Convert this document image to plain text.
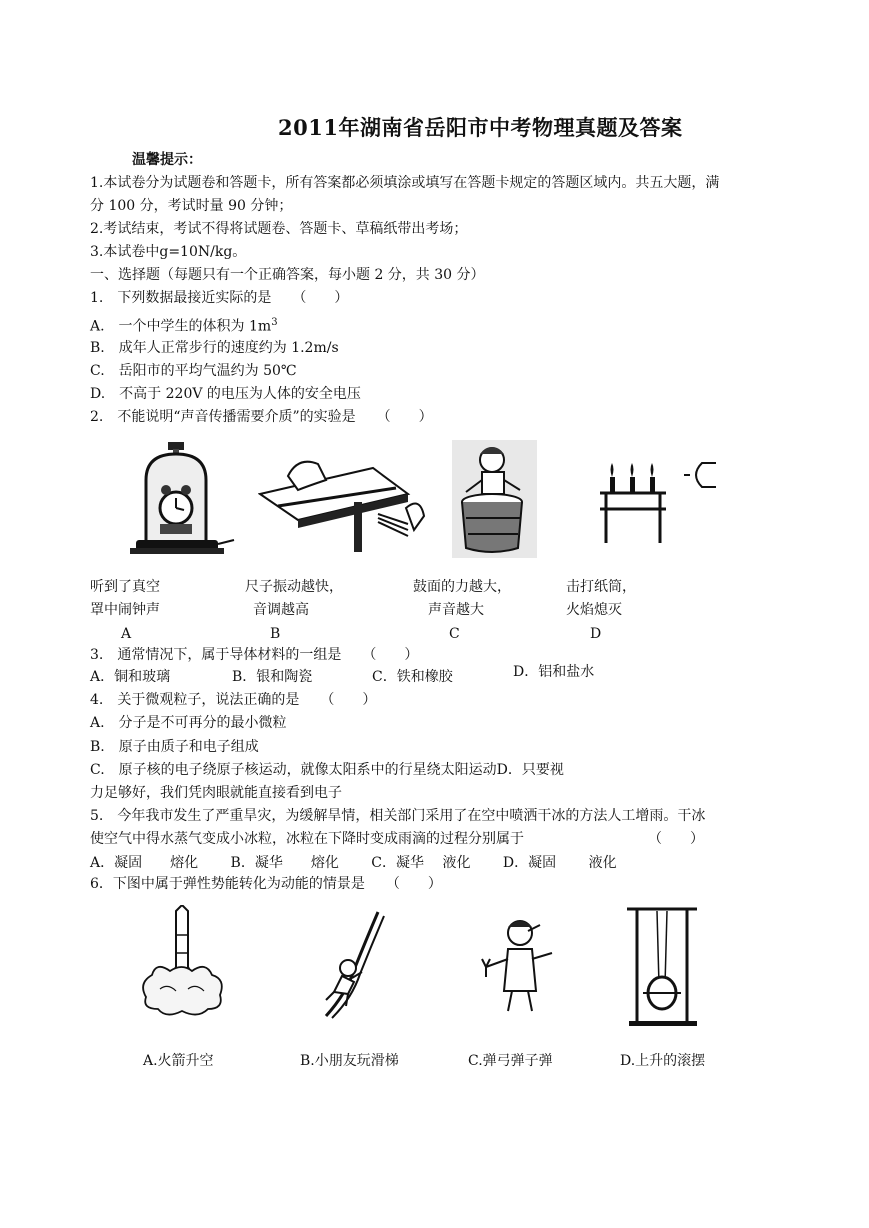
2011年湖南省岳阳市中考物理真题及答案
温馨提示：
1.本试卷分为试题卷和答题卡，所有答案都必须填涂或填写在答题卡规定的答题区域内。共五大题，满
分 100 分，考试时量 90 分钟；
2.考试结束，考试不得将试题卷、答题卡、草稿纸带出考场；
3.本试卷中g=10N/kg。
一、选择题（每题只有一个正确答案，每小题 2 分，共 30 分）
1.　下列数据最接近实际的是　　（　　）
A.　一个中学生的体积为 $1m^3$
B.　成年人正常步行的速度约为 1.2m/s
C.　岳阳市的平均气温约为 50℃
D.　不高于 220V 的电压为人体的安全电压
2.　不能说明“声音传播需要介质”的实验是　　（　　）
听到了真空
罩中闹钟声
A
尺子振动越快，
音调越高
B
鼓面的力越大，
声音越大
C
击打纸筒，
火焰熄灭
D
3.　通常情况下，属于导体材料的一组是　　（　　）
A．铜和玻璃	B．银和陶瓷	C．铁和橡胶	D．铝和盐水
4.　关于微观粒子，说法正确的是　　（　　）
A.　分子是不可再分的最小微粒
B.　原子由质子和电子组成
C.　原子核的电子绕原子核运动，就像太阳系中的行星绕太阳运动D．只要视
力足够好，我们凭肉眼就能直接看到电子
5.　今年我市发生了严重旱灾，为缓解旱情，相关部门采用了在空中喷洒干冰的方法人工增雨。干冰
使空气中得水蒸气变成小冰粒，冰粒在下降时变成雨滴的过程分别属于	（　　）
A．凝固　　熔化　　 B．凝华　　熔化　　 C．凝华　 液化　　 D．凝固　　 液化
6．下图中属于弹性势能转化为动能的情景是　　（　　）
A.火箭升空	B.小朋友玩滑梯	C.弹弓弹子弹	D.上升的滚摆
